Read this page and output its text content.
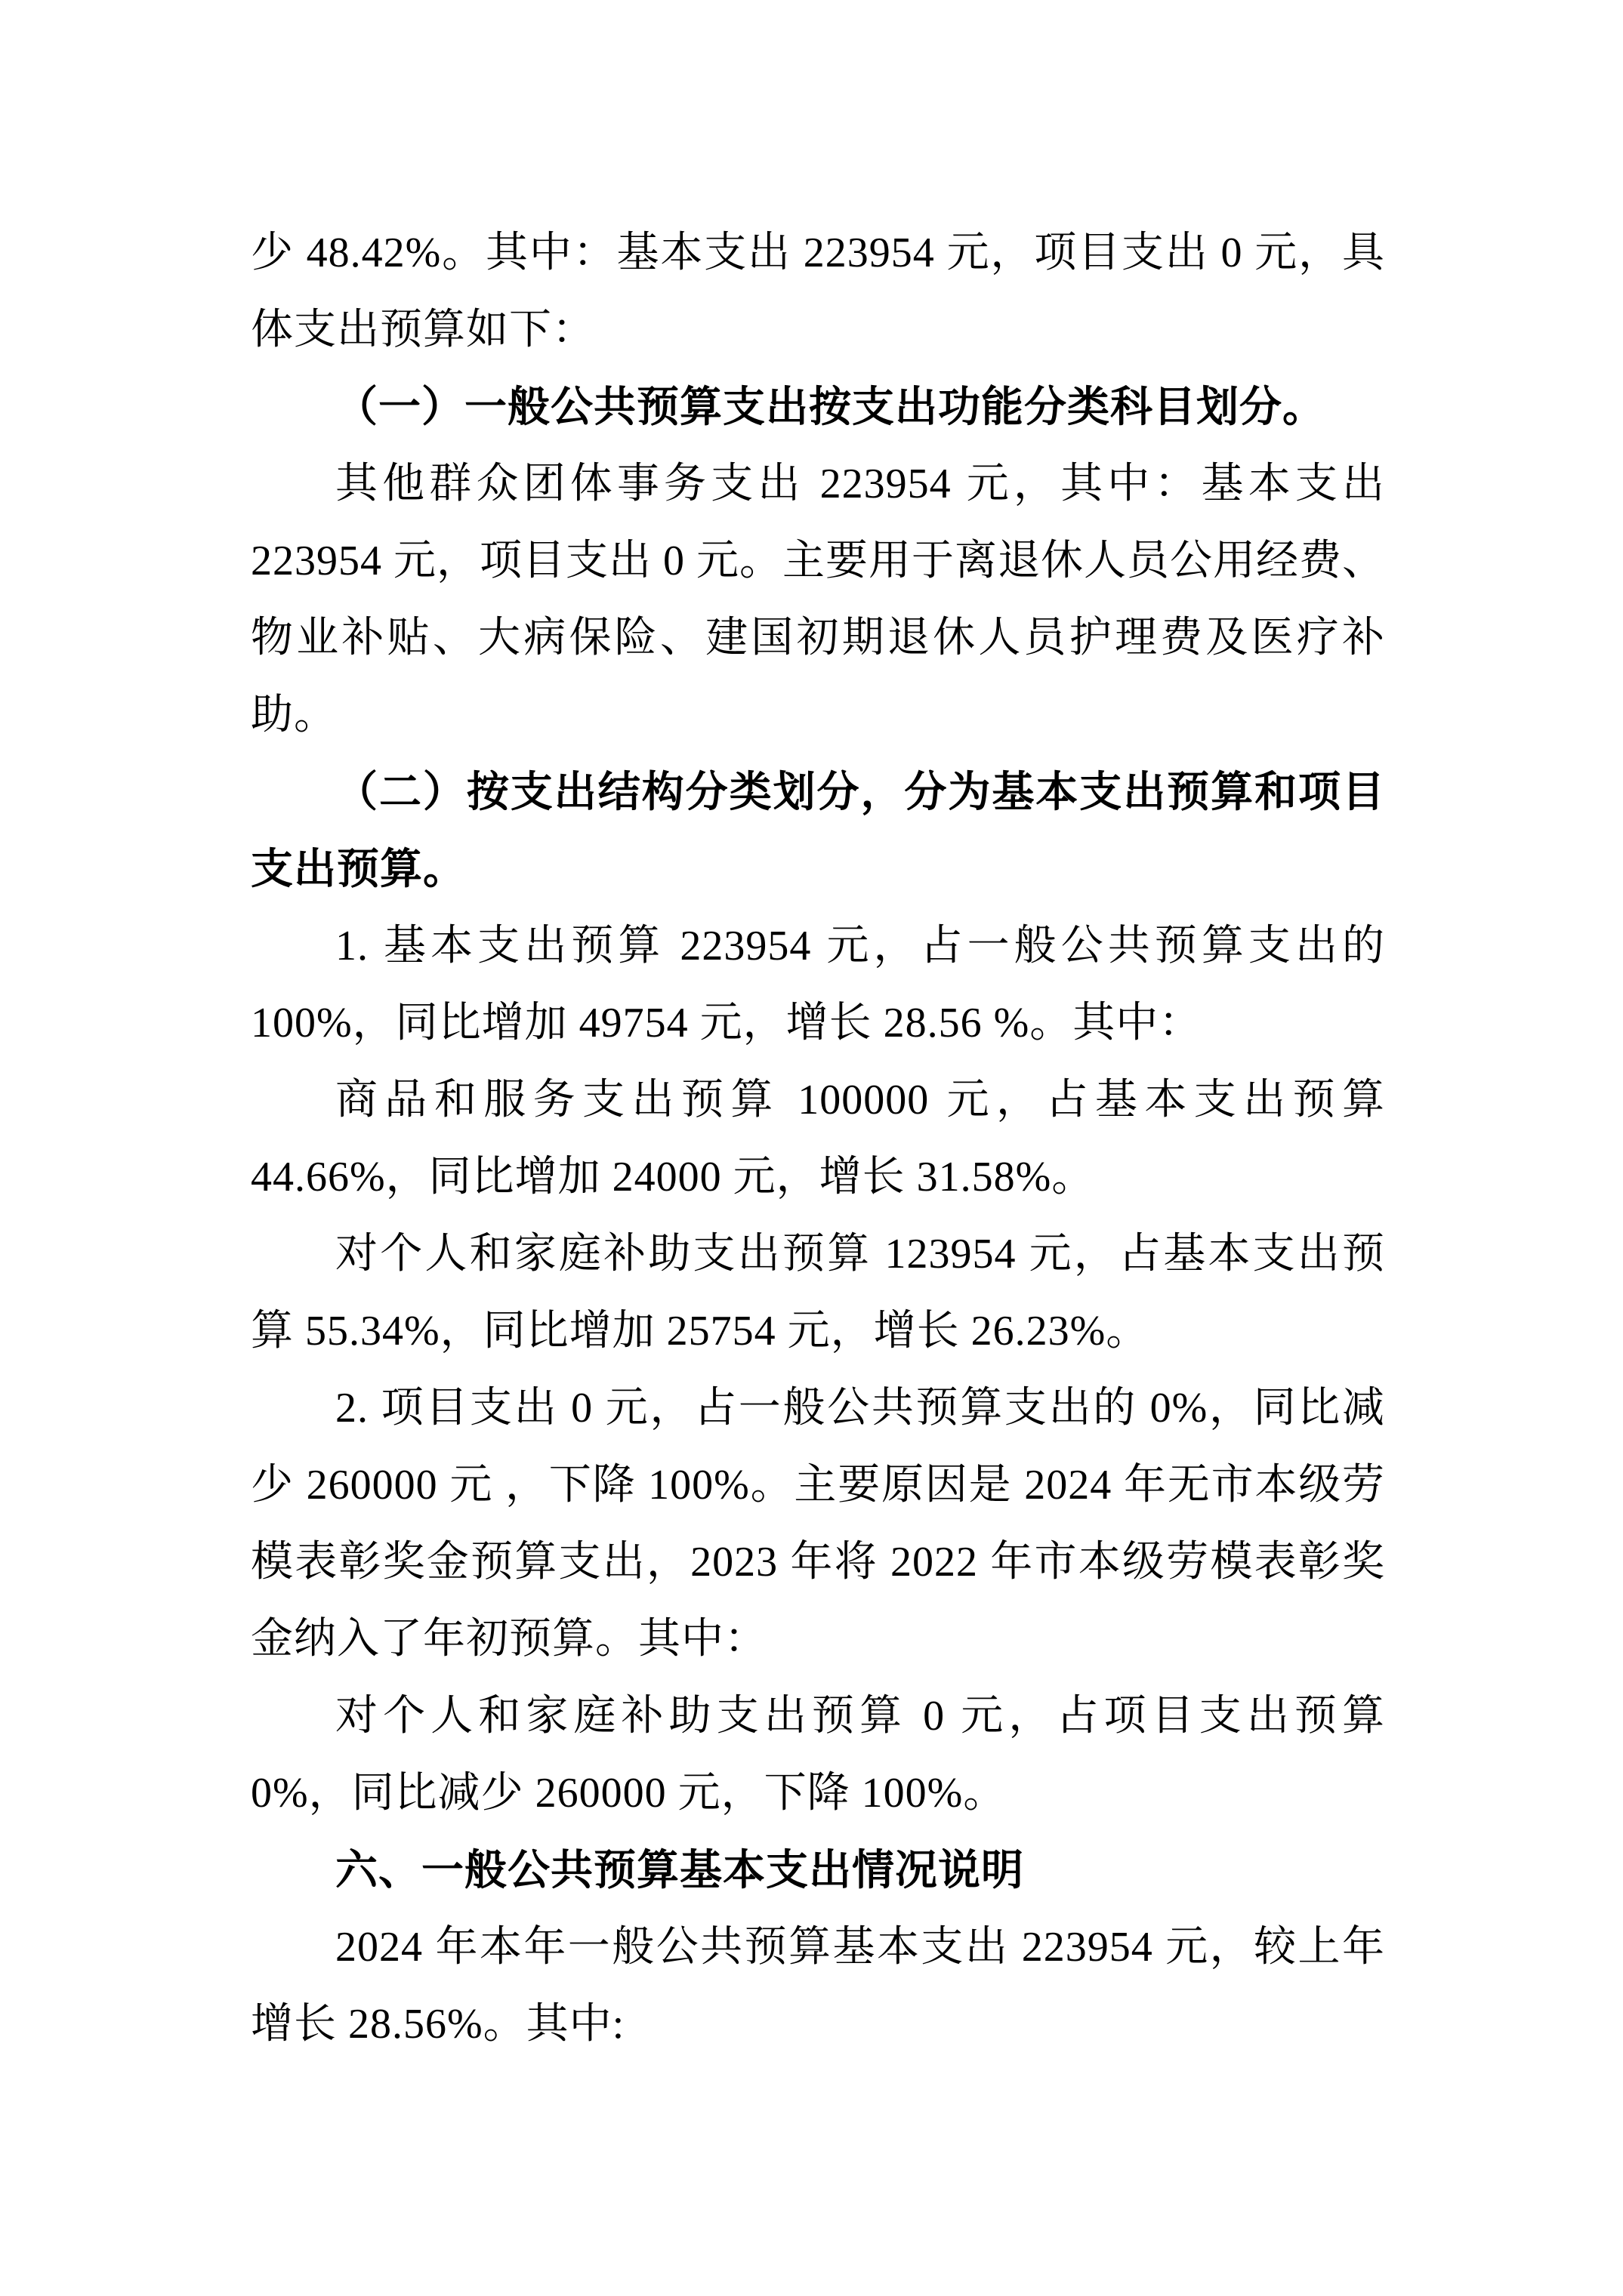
少 48.42%。其中：基本支出 223954 元，项目支出 0 元，具体支出预算如下：

（一）一般公共预算支出按支出功能分类科目划分。

其他群众团体事务支出 223954 元，其中：基本支出 223954 元，项目支出 0 元。主要用于离退休人员公用经费、物业补贴、大病保险、建国初期退休人员护理费及医疗补助。

（二）按支出结构分类划分，分为基本支出预算和项目支出预算。

1. 基本支出预算 223954 元，占一般公共预算支出的 100%，同比增加 49754 元，增长 28.56 %。其中：

商品和服务支出预算 100000 元，占基本支出预算 44.66%，同比增加 24000 元，增长 31.58%。

对个人和家庭补助支出预算 123954 元，占基本支出预算 55.34%，同比增加 25754 元，增长 26.23%。

2. 项目支出 0 元，占一般公共预算支出的 0%，同比减少 260000 元 ，下降 100%。主要原因是 2024 年无市本级劳模表彰奖金预算支出，2023 年将 2022 年市本级劳模表彰奖金纳入了年初预算。其中：

对个人和家庭补助支出预算 0 元，占项目支出预算 0%，同比减少 260000 元，下降 100%。

六、一般公共预算基本支出情况说明

2024 年本年一般公共预算基本支出 223954 元，较上年增长 28.56%。其中:
